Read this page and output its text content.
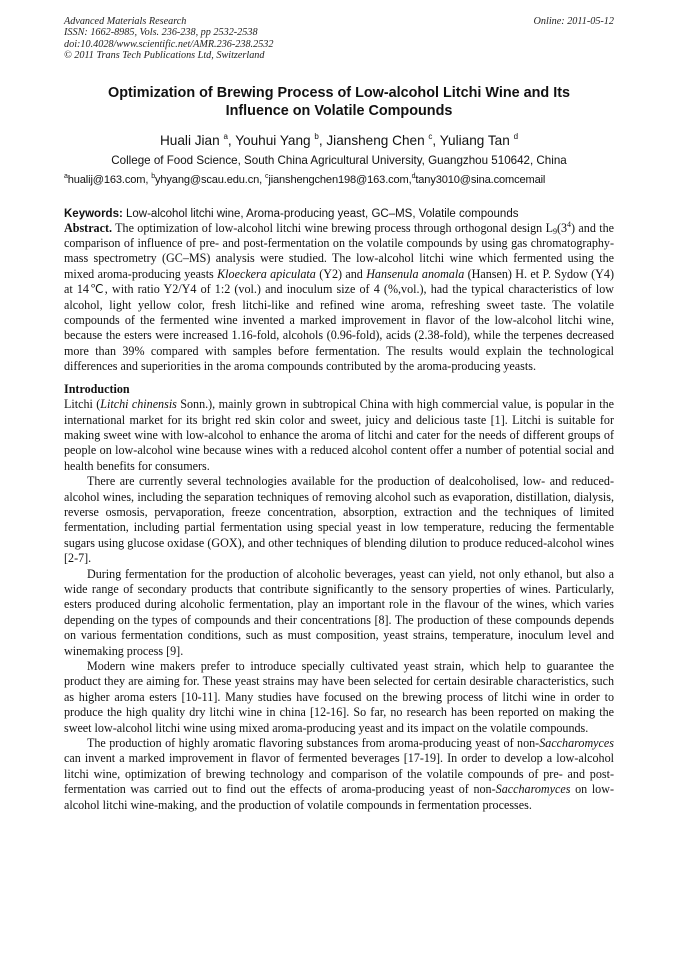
Advanced Materials Research
ISSN: 1662-8985, Vols. 236-238, pp 2532-2538
doi:10.4028/www.scientific.net/AMR.236-238.2532
© 2011 Trans Tech Publications Ltd, Switzerland
Online: 2011-05-12
Optimization of Brewing Process of Low-alcohol Litchi Wine and Its
Influence on Volatile Compounds
Huali Jian $^a$, Youhui Yang $^b$, Jiansheng Chen $^c$, Yuliang Tan $^d$
College of Food Science, South China Agricultural University, Guangzhou 510642, China
$^a$hualij@163.com, $^b$yhyang@scau.edu.cn, $^c$jianshengchen198@163.com,$^d$tany3010@sina.comcemail
Keywords: Low-alcohol litchi wine, Aroma-producing yeast, GC–MS, Volatile compounds

Abstract. The optimization of low-alcohol litchi wine brewing process through orthogonal design $L_9(3^4)$ and the comparison of influence of pre- and post-fermentation on the volatile compounds by using gas chromatography-mass spectrometry (GC–MS) analysis were studied. The low-alcohol litchi wine which fermented using the mixed aroma-producing yeasts Kloeckera apiculata (Y2) and Hansenula anomala (Hansen) H. et P. Sydow (Y4) at 14℃, with ratio Y2/Y4 of 1:2 (vol.) and inoculum size of 4 (%,vol.), had the typical characteristics of low alcohol, light yellow color, fresh litchi-like and refined wine aroma, refreshing sweet taste. The volatile compounds of the fermented wine invented a marked improvement in flavor of the low-alcohol litchi wine, because the esters were increased 1.16-fold, alcohols (0.96-fold), acids (2.38-fold), while the terpenes decreased more than 39% compared with samples before fermentation. The results would explain the technological differences and superiorities in the aroma compounds contributed by the aroma-producing yeasts.

Introduction

Litchi (Litchi chinensis Sonn.), mainly grown in subtropical China with high commercial value, is popular in the international market for its bright red skin color and sweet, juicy and delicious taste [1]. Litchi is suitable for making sweet wine with low-alcohol to enhance the aroma of litchi and cater for the needs of different groups of people on low-alcohol wine because wines with a reduced alcohol content offer a number of potential social and health benefits for consumers.

There are currently several technologies available for the production of dealcoholised, low- and reduced-alcohol wines, including the separation techniques of removing alcohol such as evaporation, distillation, dialysis, reverse osmosis, pervaporation, freeze concentration, absorption, extraction and the techniques of limited fermentation, including partial fermentation using special yeast in low temperature, reducing the fermentable sugars using glucose oxidase (GOX), and other techniques of blending dilution to produce reduced-alcohol wines [2-7].

During fermentation for the production of alcoholic beverages, yeast can yield, not only ethanol, but also a wide range of secondary products that contribute significantly to the sensory properties of wines. Particularly, esters produced during alcoholic fermentation, play an important role in the flavour of the wines, which varies depending on the types of compounds and their concentrations [8]. The production of these compounds depends on various fermentation conditions, such as must composition, yeast strains, temperature, inoculum level and winemaking process [9].

Modern wine makers prefer to introduce specially cultivated yeast strain, which help to guarantee the product they are aiming for. These yeast strains may have been selected for certain desirable characteristics, such as higher aroma esters [10-11]. Many studies have focused on the brewing process of litchi wine in order to produce the high quality dry litchi wine in china [12-16]. So far, no research has been reported on making the sweet low-alcohol litchi wine using mixed aroma-producing yeast and its impact on the volatile compounds.

The production of highly aromatic flavoring substances from aroma-producing yeast of non-Saccharomyces can invent a marked improvement in flavor of fermented beverages [17-19]. In order to develop a low-alcohol litchi wine, optimization of brewing technology and comparison of the volatile compounds of pre- and post-fermentation was carried out to find out the effects of aroma-producing yeast of non-Saccharomyces on low-alcohol litchi wine-making, and the production of volatile compounds in fermentation processes.
